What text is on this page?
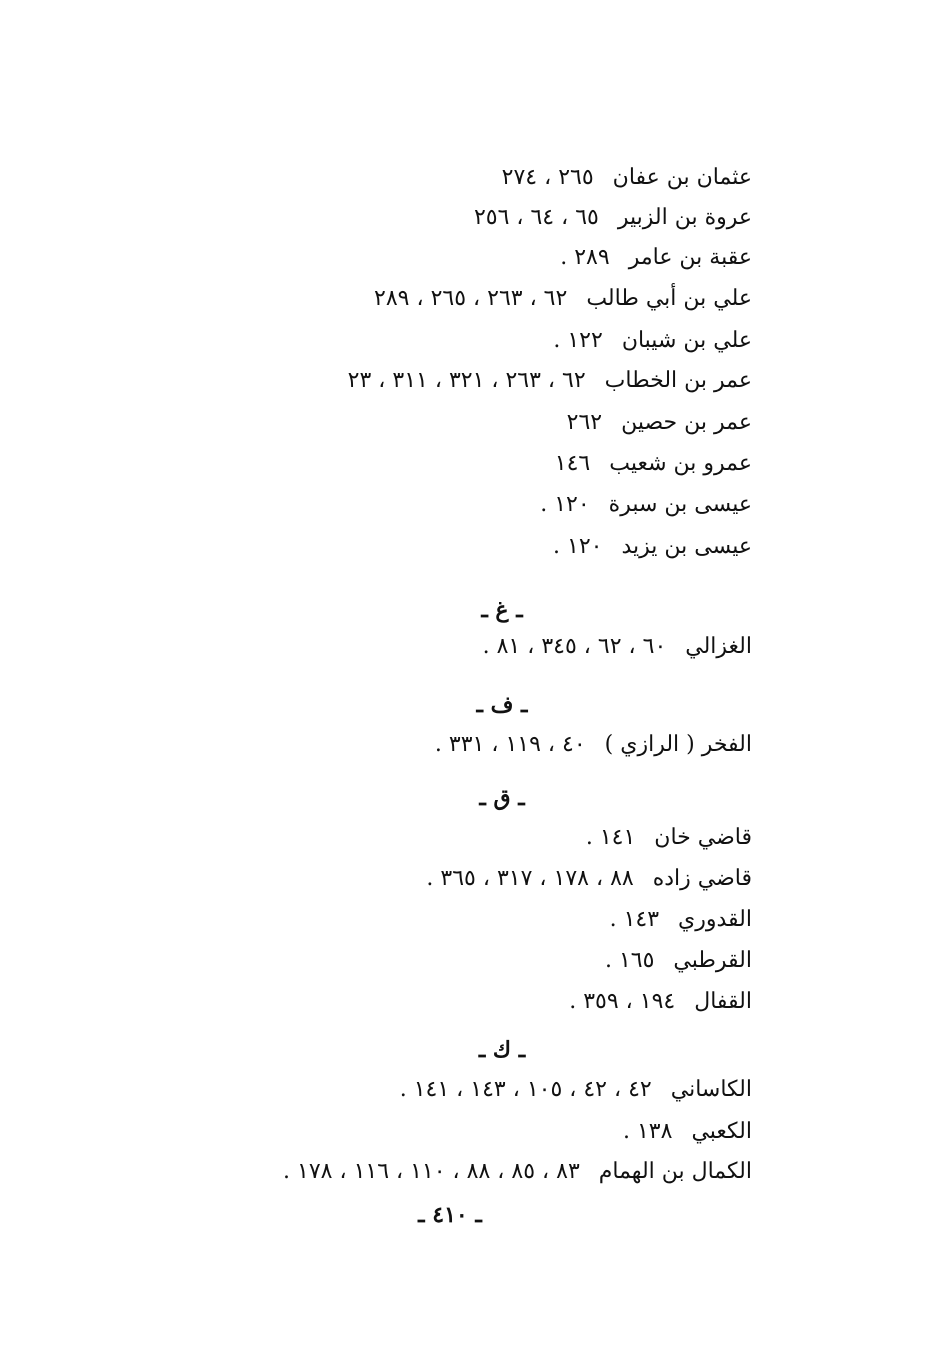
عثمان بن عفان ٢٦٥ ، ٢٧٤
عروة بن الزبير ٦٥ ، ٦٤ ، ٢٥٦
عقبة بن عامر ٢٨٩ .
علي بن أبي طالب ٦٢ ، ٢٦٣ ، ٢٦٥ ، ٢٨٩
علي بن شيبان ١٢٢ .
عمر بن الخطاب ٦٢ ، ٢٦٣ ، ٣٢١ ، ٣١١ ، ٢٣
عمر بن حصين ٢٦٢
عمرو بن شعيب ١٤٦
عيسى بن سبرة ١٢٠ .
عيسى بن يزيد ١٢٠ .
ـ غ ـ
الغزالي ٦٠ ، ٦٢ ، ٣٤٥ ، ٨١ .
ـ ف ـ
الفخر ( الرازي ) ٤٠ ، ١١٩ ، ٣٣١ .
ـ ق ـ
قاضي خان ١٤١ .
قاضي زاده ٨٨ ، ١٧٨ ، ٣١٧ ، ٣٦٥ .
القدوري ١٤٣ .
القرطبي ١٦٥ .
القفال ١٩٤ ، ٣٥٩ .
ـ ك ـ
الكاساني ٤٢ ، ٤٢ ، ١٠٥ ، ١٤٣ ، ١٤١ .
الكعبي ١٣٨ .
الكمال بن الهمام ٨٣ ، ٨٥ ، ٨٨ ، ١١٠ ، ١١٦ ، ١٧٨ .
ـ ٤١٠ ـ
